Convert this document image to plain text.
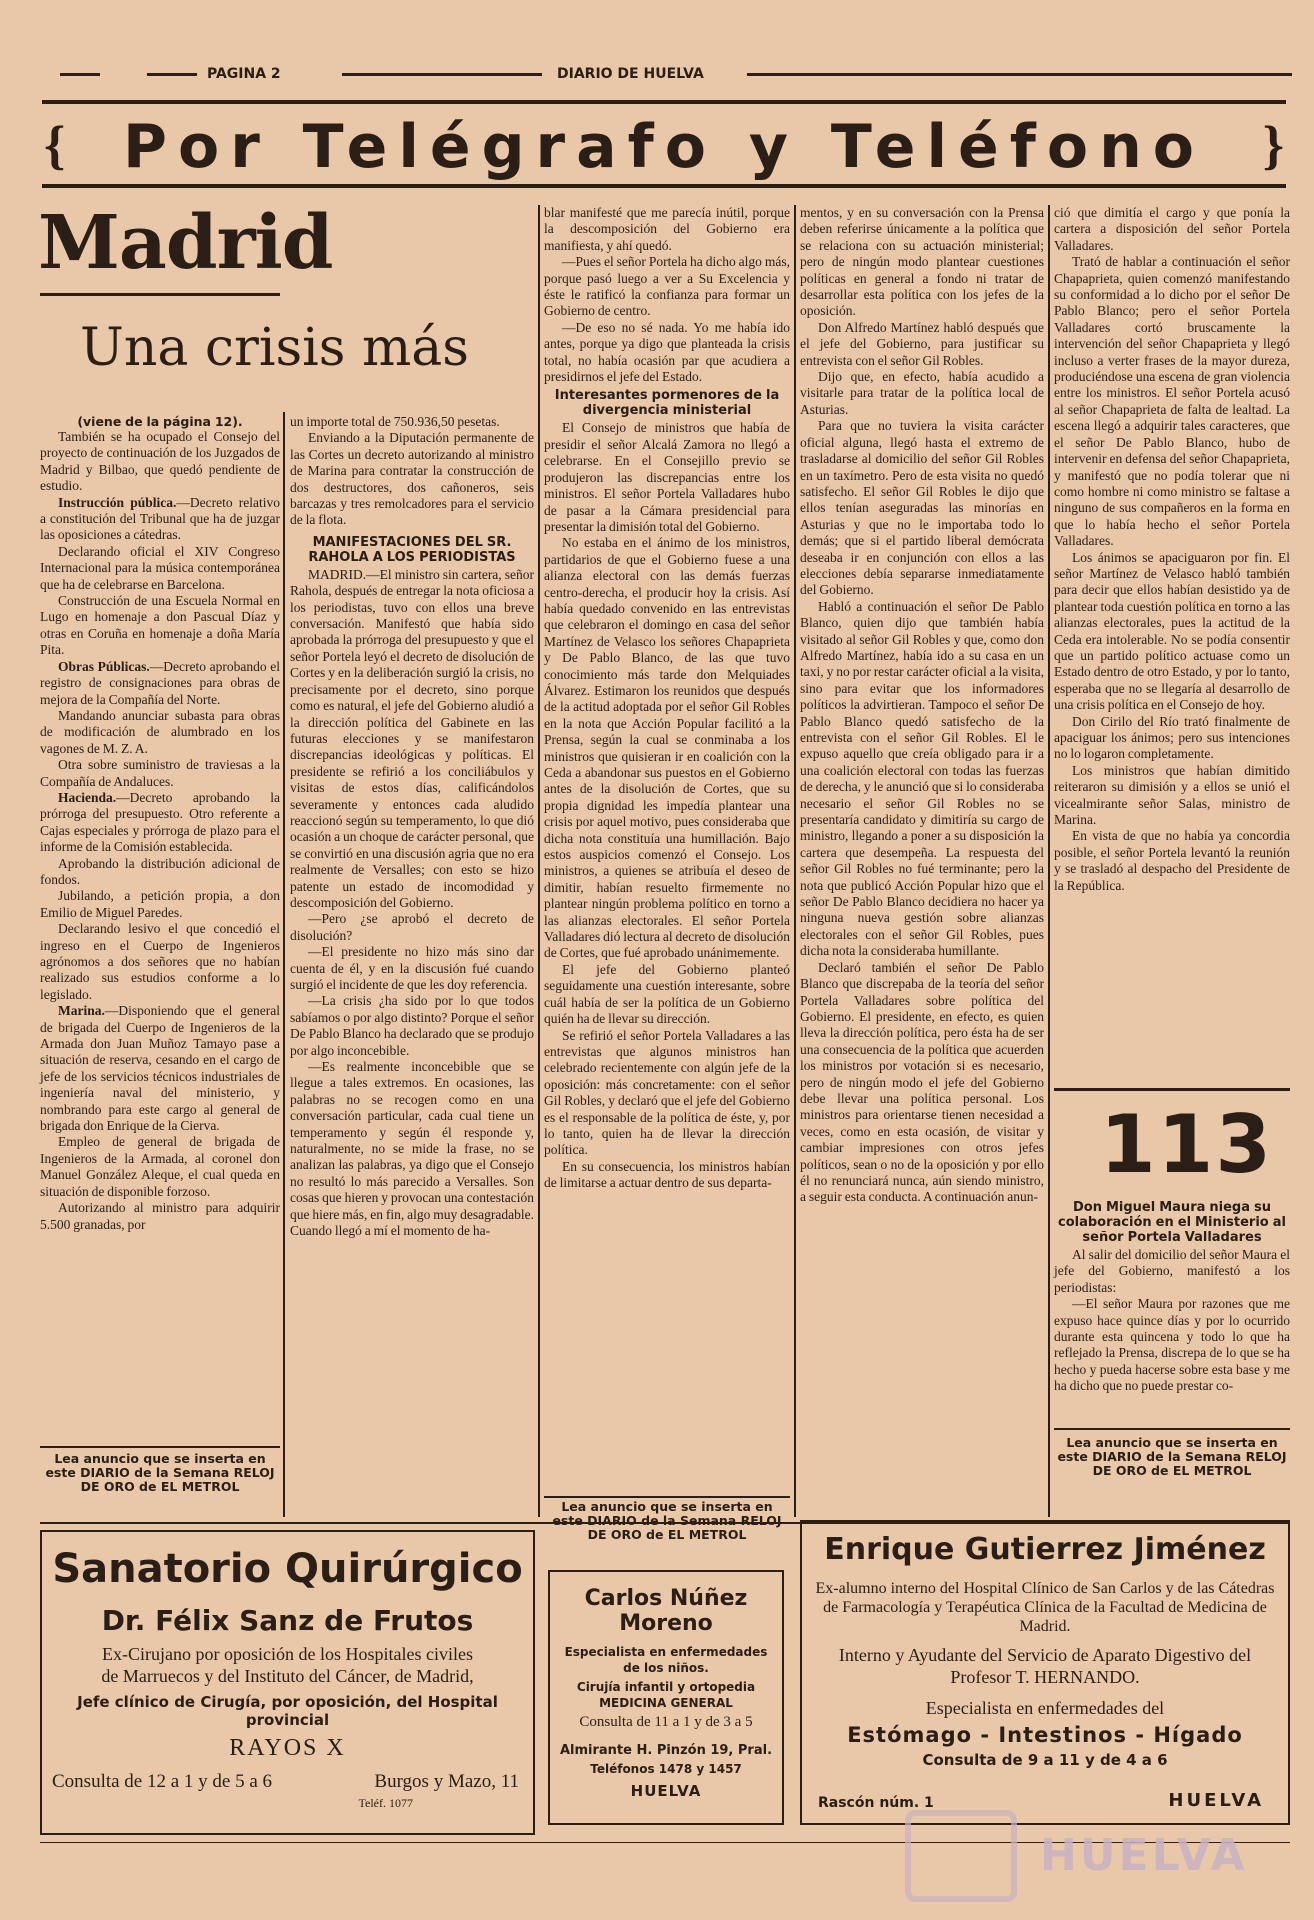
PAGINA 2	DIARIO DE HUELVA
{ Por Telégrafo y Teléfono	}
Madrid
Una crisis más
(viene de la página 12).

También se ha ocupado el Consejo del proyecto de continuación de los Juzgados de Madrid y Bilbao, que quedó pendiente de estudio.

Instrucción pública.—Decreto relativo a constitución del Tribunal que ha de juzgar las oposiciones a cátedras.

Declarando oficial el XIV Congreso Internacional para la música contemporánea que ha de celebrarse en Barcelona.

Construcción de una Escuela Normal en Lugo en homenaje a don Pascual Díaz y otras en Coruña en homenaje a doña María Pita.

Obras Públicas.—Decreto aprobando el registro de consignaciones para obras de mejora de la Compañía del Norte.

Mandando anunciar subasta para obras de modificación de alumbrado en los vagones de M. Z. A.

Otra sobre suministro de traviesas a la Compañía de Andaluces.

Hacienda.—Decreto aprobando la prórroga del presupuesto. Otro referente a Cajas especiales y prórroga de plazo para el informe de la Comisión establecida.

Aprobando la distribución adicional de fondos.

Jubilando, a petición propia, a don Emilio de Miguel Paredes.

Declarando lesivo el que concedió el ingreso en el Cuerpo de Ingenieros agrónomos a dos señores que no habían realizado sus estudios conforme a lo legislado.

Marina.—Disponiendo que el general de brigada del Cuerpo de Ingenieros de la Armada don Juan Muñoz Tamayo pase a situación de reserva, cesando en el cargo de jefe de los servicios técnicos industriales de ingeniería naval del ministerio, y nombrando para este cargo al general de brigada don Enrique de la Cierva.

Empleo de general de brigada de Ingenieros de la Armada, al coronel don Manuel González Aleque, el cual queda en situación de disponible forzoso.

Autorizando al ministro para adquirir 5.500 granadas, por

Lea anuncio que se inserta en este DIARIO de la Semana RELOJ DE ORO de EL METROL

un importe total de 750.936,50 pesetas.

Enviando a la Diputación permanente de las Cortes un decreto autorizando al ministro de Marina para contratar la construcción de dos destructores, dos cañoneros, seis barcazas y tres remolcadores para el servicio de la flota.

MANIFESTACIONES DEL SR. RAHOLA A LOS PERIODISTAS

MADRID.—El ministro sin cartera, señor Rahola, después de entregar la nota oficiosa a los periodistas, tuvo con ellos una breve conversación. Manifestó que había sido aprobada la prórroga del presupuesto y que el señor Portela leyó el decreto de disolución de Cortes y en la deliberación surgió la crisis, no precisamente por el decreto, sino porque como es natural, el jefe del Gobierno aludió a la dirección política del Gabinete en las futuras elecciones y se manifestaron discrepancias ideológicas y políticas. El presidente se refirió a los conciliábulos y visitas de estos días, calificándolos severamente y entonces cada aludido reaccionó según su temperamento, lo que dió ocasión a un choque de carácter personal, que se convirtió en una discusión agria que no era realmente de Versalles; con esto se hizo patente un estado de incomodidad y descomposición del Gobierno.

—Pero ¿se aprobó el decreto de disolución?

—El presidente no hizo más sino dar cuenta de él, y en la discusión fué cuando surgió el incidente de que les doy referencia.

—La crisis ¿ha sido por lo que todos sabíamos o por algo distinto? Porque el señor De Pablo Blanco ha declarado que se produjo por algo inconcebible.

—Es realmente inconcebible que se llegue a tales extremos. En ocasiones, las palabras no se recogen como en una conversación particular, cada cual tiene un temperamento y según él responde y, naturalmente, no se mide la frase, no se analizan las palabras, ya digo que el Consejo no resultó lo más parecido a Versalles. Son cosas que hieren y provocan una contestación que hiere más, en fin, algo muy desagradable. Cuando llegó a mí el momento de ha-

blar manifesté que me parecía inútil, porque la descomposición del Gobierno era manifiesta, y ahí quedó.

—Pues el señor Portela ha dicho algo más, porque pasó luego a ver a Su Excelencia y éste le ratificó la confianza para formar un Gobierno de centro.

—De eso no sé nada. Yo me había ido antes, porque ya digo que planteada la crisis total, no había ocasión par que acudiera a presidirnos el jefe del Estado.

Interesantes pormenores de la divergencia ministerial

El Consejo de ministros que había de presidir el señor Alcalá Zamora no llegó a celebrarse. En el Consejillo previo se produjeron las discrepancias entre los ministros. El señor Portela Valladares hubo de pasar a la Cámara presidencial para presentar la dimisión total del Gobierno.

No estaba en el ánimo de los ministros, partidarios de que el Gobierno fuese a una alianza electoral con las demás fuerzas centro-derecha, el producir hoy la crisis. Así había quedado convenido en las entrevistas que celebraron el domingo en casa del señor Martínez de Velasco los señores Chapaprieta y De Pablo Blanco, de las que tuvo conocimiento más tarde don Melquiades Álvarez. Estimaron los reunidos que después de la actitud adoptada por el señor Gil Robles en la nota que Acción Popular facilitó a la Prensa, según la cual se conminaba a los ministros que quisieran ir en coalición con la Ceda a abandonar sus puestos en el Gobierno antes de la disolución de Cortes, que su propia dignidad les impedía plantear una crisis por aquel motivo, pues consideraba que dicha nota constituía una humillación. Bajo estos auspicios comenzó el Consejo. Los ministros, a quienes se atribuía el deseo de dimitir, habían resuelto firmemente no plantear ningún problema político en torno a las alianzas electorales. El señor Portela Valladares dió lectura al decreto de disolución de Cortes, que fué aprobado unánimemente.

El jefe del Gobierno planteó seguidamente una cuestión interesante, sobre cuál había de ser la política de un Gobierno quién ha de llevar su dirección.

Se refirió el señor Portela Valladares a las entrevistas que algunos ministros han celebrado recientemente con algún jefe de la oposición: más concretamente: con el señor Gil Robles, y declaró que el jefe del Gobierno es el responsable de la política de éste, y, por lo tanto, quien ha de llevar la dirección política.

En su consecuencia, los ministros habían de limitarse a actuar dentro de sus departa-

Lea anuncio que se inserta en este DIARIO de la Semana RELOJ DE ORO de EL METROL

mentos, y en su conversación con la Prensa deben referirse únicamente a la política que se relaciona con su actuación ministerial; pero de ningún modo plantear cuestiones políticas en general a fondo ni tratar de desarrollar esta política con los jefes de la oposición.

Don Alfredo Martínez habló después que el jefe del Gobierno, para justificar su entrevista con el señor Gil Robles.

Dijo que, en efecto, había acudido a visitarle para tratar de la política local de Asturias.

Para que no tuviera la visita carácter oficial alguna, llegó hasta el extremo de trasladarse al domicilio del señor Gil Robles en un taxímetro. Pero de esta visita no quedó satisfecho. El señor Gil Robles le dijo que ellos tenían aseguradas las minorías en Asturias y que no le importaba todo lo demás; que si el partido liberal demócrata deseaba ir en conjunción con ellos a las elecciones debía separarse inmediatamente del Gobierno.

Habló a continuación el señor De Pablo Blanco, quien dijo que también había visitado al señor Gil Robles y que, como don Alfredo Martínez, había ido a su casa en un taxi, y no por restar carácter oficial a la visita, sino para evitar que los informadores políticos la advirtieran. Tampoco el señor De Pablo Blanco quedó satisfecho de la entrevista con el señor Gil Robles. El le expuso aquello que creía obligado para ir a una coalición electoral con todas las fuerzas de derecha, y le anunció que si lo consideraba necesario el señor Gil Robles no se presentaría candidato y dimitiría su cargo de ministro, llegando a poner a su disposición la cartera que desempeña. La respuesta del señor Gil Robles no fué terminante; pero la nota que publicó Acción Popular hizo que el señor De Pablo Blanco decidiera no hacer ya ninguna nueva gestión sobre alianzas electorales con el señor Gil Robles, pues dicha nota la consideraba humillante.

Declaró también el señor De Pablo Blanco que discrepaba de la teoría del señor Portela Valladares sobre política del Gobierno. El presidente, en efecto, es quien lleva la dirección política, pero ésta ha de ser una consecuencia de la política que acuerden los ministros por votación si es necesario, pero de ningún modo el jefe del Gobierno debe llevar una política personal. Los ministros para orientarse tienen necesidad a veces, como en esta ocasión, de visitar y cambiar impresiones con otros jefes políticos, sean o no de la oposición y por ello él no renunciará nunca, aún siendo ministro, a seguir esta conducta. A continuación anun-

ció que dimitía el cargo y que ponía la cartera a disposición del señor Portela Valladares.

Trató de hablar a continuación el señor Chapaprieta, quien comenzó manifestando su conformidad a lo dicho por el señor De Pablo Blanco; pero el señor Portela Valladares cortó bruscamente la intervención del señor Chapaprieta y llegó incluso a verter frases de la mayor dureza, produciéndose una escena de gran violencia entre los ministros. El señor Portela acusó al señor Chapaprieta de falta de lealtad. La escena llegó a adquirir tales caracteres, que el señor De Pablo Blanco, hubo de intervenir en defensa del señor Chapaprieta, y manifestó que no podía tolerar que ni como hombre ni como ministro se faltase a ninguno de sus compañeros en la forma en que lo había hecho el señor Portela Valladares.

Los ánimos se apaciguaron por fin. El señor Martínez de Velasco habló también para decir que ellos habían desistido ya de plantear toda cuestión política en torno a las alianzas electorales, pues la actitud de la Ceda era intolerable. No se podía consentir que un partido político actuase como un Estado dentro de otro Estado, y por lo tanto, esperaba que no se llegaría al desarrollo de una crisis política en el Consejo de hoy.

Don Cirilo del Río trató finalmente de apaciguar los ánimos; pero sus intenciones no lo logaron completamente.

Los ministros que habían dimitido reiteraron su dimisión y a ellos se unió el vicealmirante señor Salas, ministro de Marina.

En vista de que no había ya concordia posible, el señor Portela levantó la reunión y se trasladó al despacho del Presidente de la República.

113
Don Miguel Maura niega su colaboración en el Ministerio al señor Portela Valladares

Al salir del domicilio del señor Maura el jefe del Gobierno, manifestó a los periodistas:

—El señor Maura por razones que me expuso hace quince días y por lo ocurrido durante esta quincena y todo lo que ha reflejado la Prensa, discrepa de lo que se ha hecho y pueda hacerse sobre esta base y me ha dicho que no puede prestar co-

Lea anuncio que se inserta en este DIARIO de la Semana RELOJ DE ORO de EL METROL
Sanatorio Quirúrgico
Dr. Félix Sanz de Frutos
Ex-Cirujano por oposición de los Hospitales civiles
de Marruecos y del Instituto del Cáncer, de Madrid,
Jefe clínico de Cirugía, por oposición, del Hospital provincial
RAYOS X
Consulta de 12 a 1 y de 5 a 6	Burgos y Mazo, 11
Teléf. 1077
Carlos Núñez Moreno
Especialista en enfermedades de los niños.
Cirujía infantil y ortopedia
MEDICINA GENERAL
Consulta de 11 a 1 y de 3 a 5
Almirante H. Pinzón 19, Pral.
Teléfonos 1478 y 1457
HUELVA
Enrique Gutierrez Jiménez
Ex-alumno interno del Hospital Clínico de San Carlos y de las Cátedras de Farmacología y Terapéutica Clínica de la Facultad de Medicina de Madrid.
Interno y Ayudante del Servicio de Aparato Digestivo del Profesor T. HERNANDO.
Especialista en enfermedades del
Estómago - Intestinos - Hígado
Consulta de 9 a 11 y de 4 a 6
Rascón núm. 1	HUELVA
HUELVA
